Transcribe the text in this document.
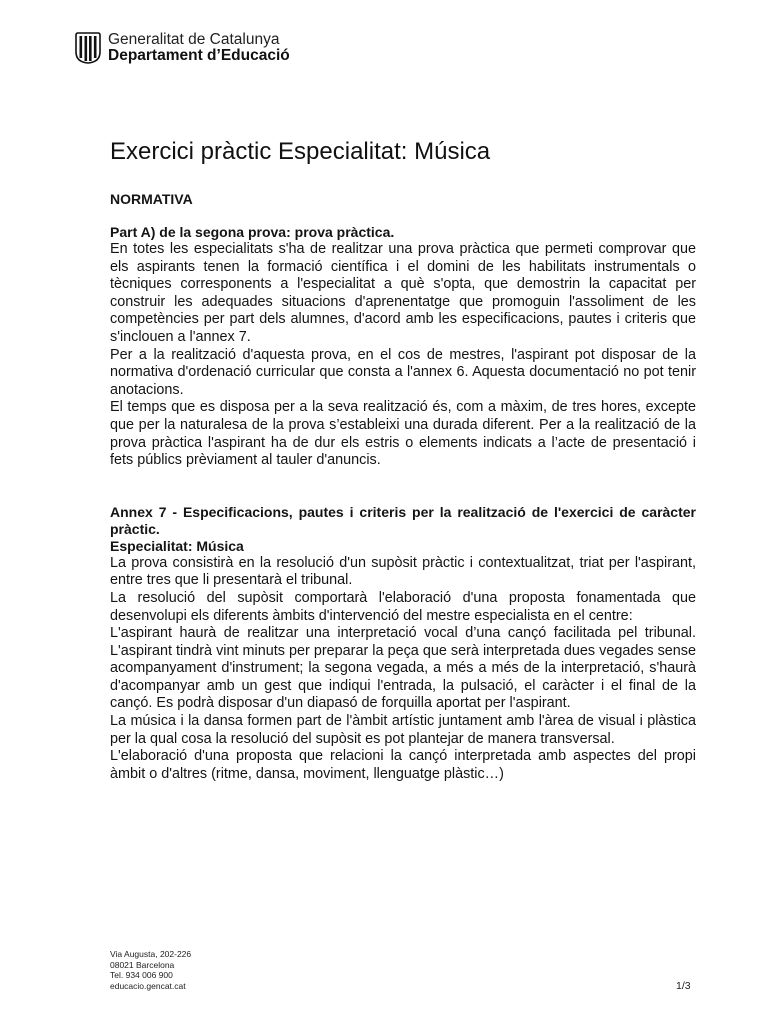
Generalitat de Catalunya
Departament d’Educació
Exercici pràctic Especialitat: Música

NORMATIVA

Part A) de la segona prova: prova pràctica.

En totes les especialitats s'ha de realitzar una prova pràctica que permeti comprovar que els aspirants tenen la formació científica i el domini de les habilitats instrumentals o tècniques corresponents a l'especialitat a què s'opta, que demostrin la capacitat per construir les adequades situacions d'aprenentatge que promoguin l'assoliment de les competències per part dels alumnes, d'acord amb les especificacions, pautes i criteris que s'inclouen a l'annex 7.

Per a la realització d'aquesta prova, en el cos de mestres, l'aspirant pot disposar de la normativa d'ordenació curricular que consta a l'annex 6. Aquesta documentació no pot tenir anotacions.

El temps que es disposa per a la seva realització és, com a màxim, de tres hores, excepte que per la naturalesa de la prova s’estableixi una durada diferent. Per a la realització de la prova pràctica l'aspirant ha de dur els estris o elements indicats a l’acte de presentació i fets públics prèviament al tauler d'anuncis.

Annex 7 - Especificacions, pautes i criteris per la realització de l'exercici de caràcter pràctic.

Especialitat: Música

La prova consistirà en la resolució d'un supòsit pràctic i contextualitzat, triat per l'aspirant, entre tres que li presentarà el tribunal.

La resolució del supòsit comportarà l'elaboració d'una proposta fonamentada que desenvolupi els diferents àmbits d'intervenció del mestre especialista en el centre:

L'aspirant haurà de realitzar una interpretació vocal d’una cançó facilitada pel tribunal. L'aspirant tindrà vint minuts per preparar la peça que serà interpretada dues vegades sense acompanyament d'instrument; la segona vegada, a més a més de la interpretació, s'haurà d'acompanyar amb un gest que indiqui l'entrada, la pulsació, el caràcter i el final de la cançó. Es podrà disposar d'un diapasó de forquilla aportat per l'aspirant.

La música i la dansa formen part de l'àmbit artístic juntament amb l'àrea de visual i plàstica per la qual cosa la resolució del supòsit es pot plantejar de manera transversal.

L'elaboració d'una proposta que relacioni la cançó interpretada amb aspectes del propi àmbit o d'altres (ritme, dansa, moviment, llenguatge plàstic…)

Via Augusta, 202-226
08021 Barcelona
Tel. 934 006 900
educacio.gencat.cat	1/3
